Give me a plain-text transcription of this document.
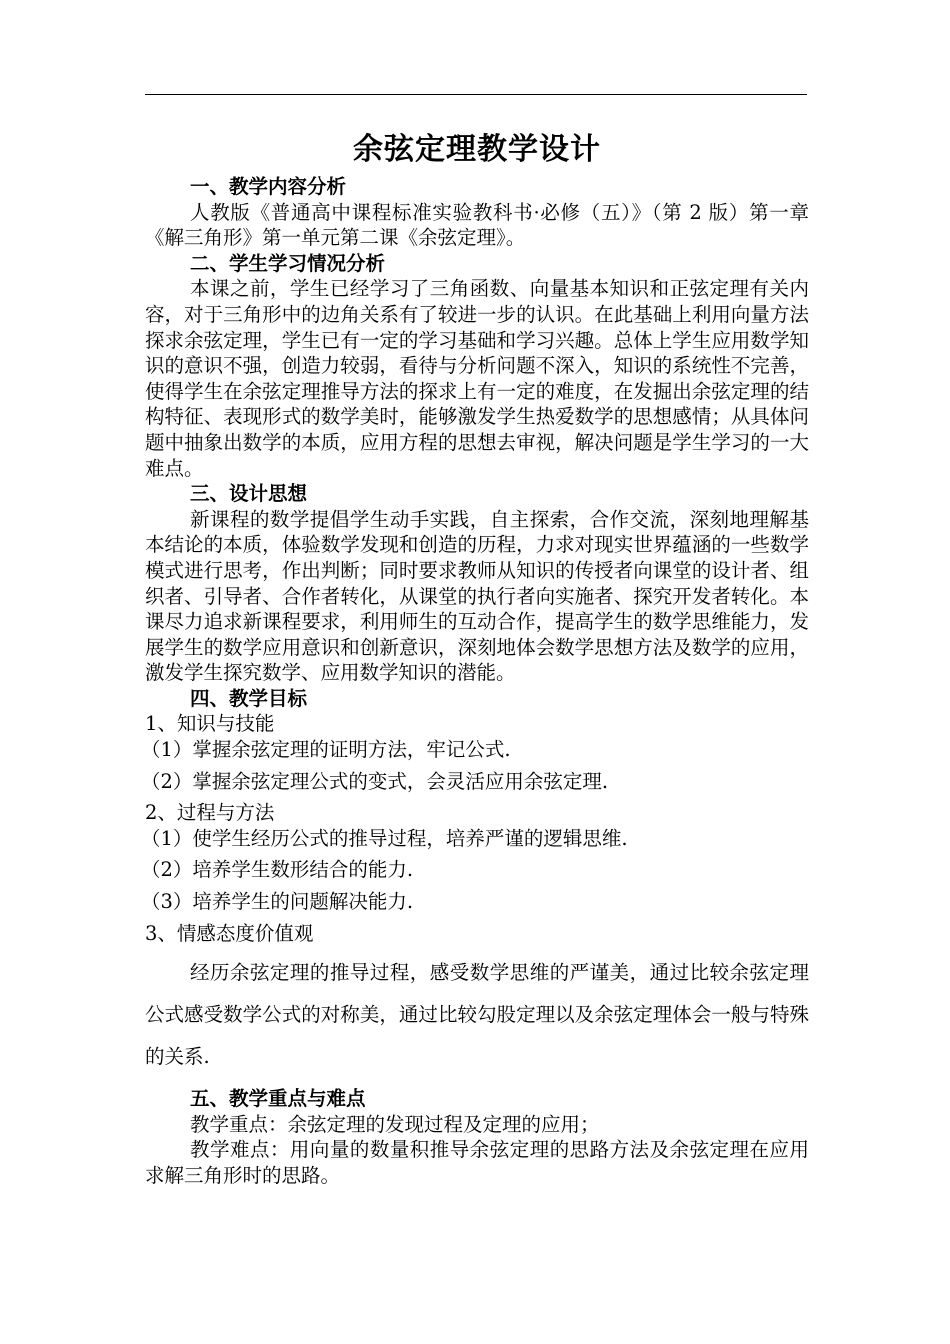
余弦定理教学设计
一、教学内容分析

人教版《普通高中课程标准实验教科书·必修（五）》（第 2 版）第一章《解三角形》第一单元第二课《余弦定理》。

二、学生学习情况分析

本课之前，学生已经学习了三角函数、向量基本知识和正弦定理有关内容，对于三角形中的边角关系有了较进一步的认识。在此基础上利用向量方法探求余弦定理，学生已有一定的学习基础和学习兴趣。总体上学生应用数学知识的意识不强，创造力较弱，看待与分析问题不深入，知识的系统性不完善，使得学生在余弦定理推导方法的探求上有一定的难度，在发掘出余弦定理的结构特征、表现形式的数学美时，能够激发学生热爱数学的思想感情；从具体问题中抽象出数学的本质，应用方程的思想去审视，解决问题是学生学习的一大难点。

三、设计思想

新课程的数学提倡学生动手实践，自主探索，合作交流，深刻地理解基本结论的本质，体验数学发现和创造的历程，力求对现实世界蕴涵的一些数学模式进行思考，作出判断；同时要求教师从知识的传授者向课堂的设计者、组织者、引导者、合作者转化，从课堂的执行者向实施者、探究开发者转化。本课尽力追求新课程要求，利用师生的互动合作，提高学生的数学思维能力，发展学生的数学应用意识和创新意识，深刻地体会数学思想方法及数学的应用，激发学生探究数学、应用数学知识的潜能。

四、教学目标

1、知识与技能

（1）掌握余弦定理的证明方法，牢记公式.

（2）掌握余弦定理公式的变式，会灵活应用余弦定理.

2、过程与方法

（1）使学生经历公式的推导过程，培养严谨的逻辑思维.

（2）培养学生数形结合的能力.

（3）培养学生的问题解决能力.

3、情感态度价值观

经历余弦定理的推导过程，感受数学思维的严谨美，通过比较余弦定理公式感受数学公式的对称美，通过比较勾股定理以及余弦定理体会一般与特殊的关系.

五、教学重点与难点

教学重点：余弦定理的发现过程及定理的应用；

教学难点：用向量的数量积推导余弦定理的思路方法及余弦定理在应用求解三角形时的思路。
